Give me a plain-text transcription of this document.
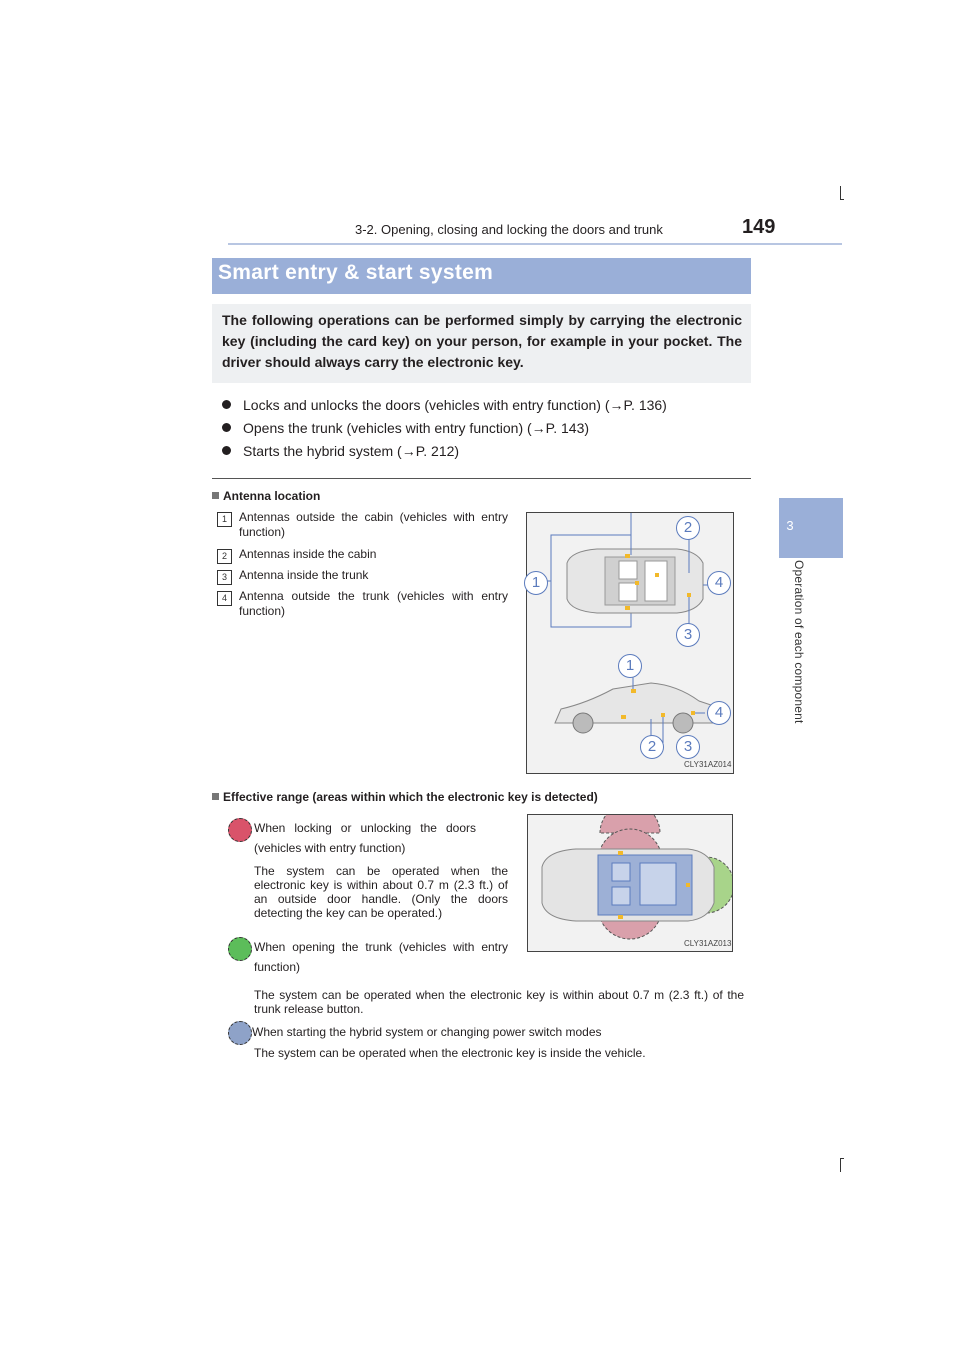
3-2. Opening, closing and locking the doors and trunk	149
3
Operation of each component
Smart entry & start system
The following operations can be performed simply by carrying the electronic key (including the card key) on your person, for example in your pocket. The driver should always carry the electronic key.
Locks and unlocks the doors (vehicles with entry function) (→P. 136)
Opens the trunk (vehicles with entry function) (→P. 143)
Starts the hybrid system (→P. 212)
Antenna location
1	Antennas outside the cabin (vehicles with entry function)
2	Antennas inside the cabin
3	Antenna inside the trunk
4	Antenna outside the trunk (vehicles with entry function)
2
1	4
3
1
4
2	3
CLY31AZ014
Effective range (areas within which the electronic key is detected)
CLY31AZ013
When locking or unlocking the doors (vehicles with entry function)
The system can be operated when the electronic key is within about 0.7 m (2.3 ft.) of an outside door handle. (Only the doors detecting the key can be operated.)
When opening the trunk (vehicles with entry function)
The system can be operated when the electronic key is within about 0.7 m (2.3 ft.) of the trunk release button.
When starting the hybrid system or changing power switch modes
The system can be operated when the electronic key is inside the vehicle.
